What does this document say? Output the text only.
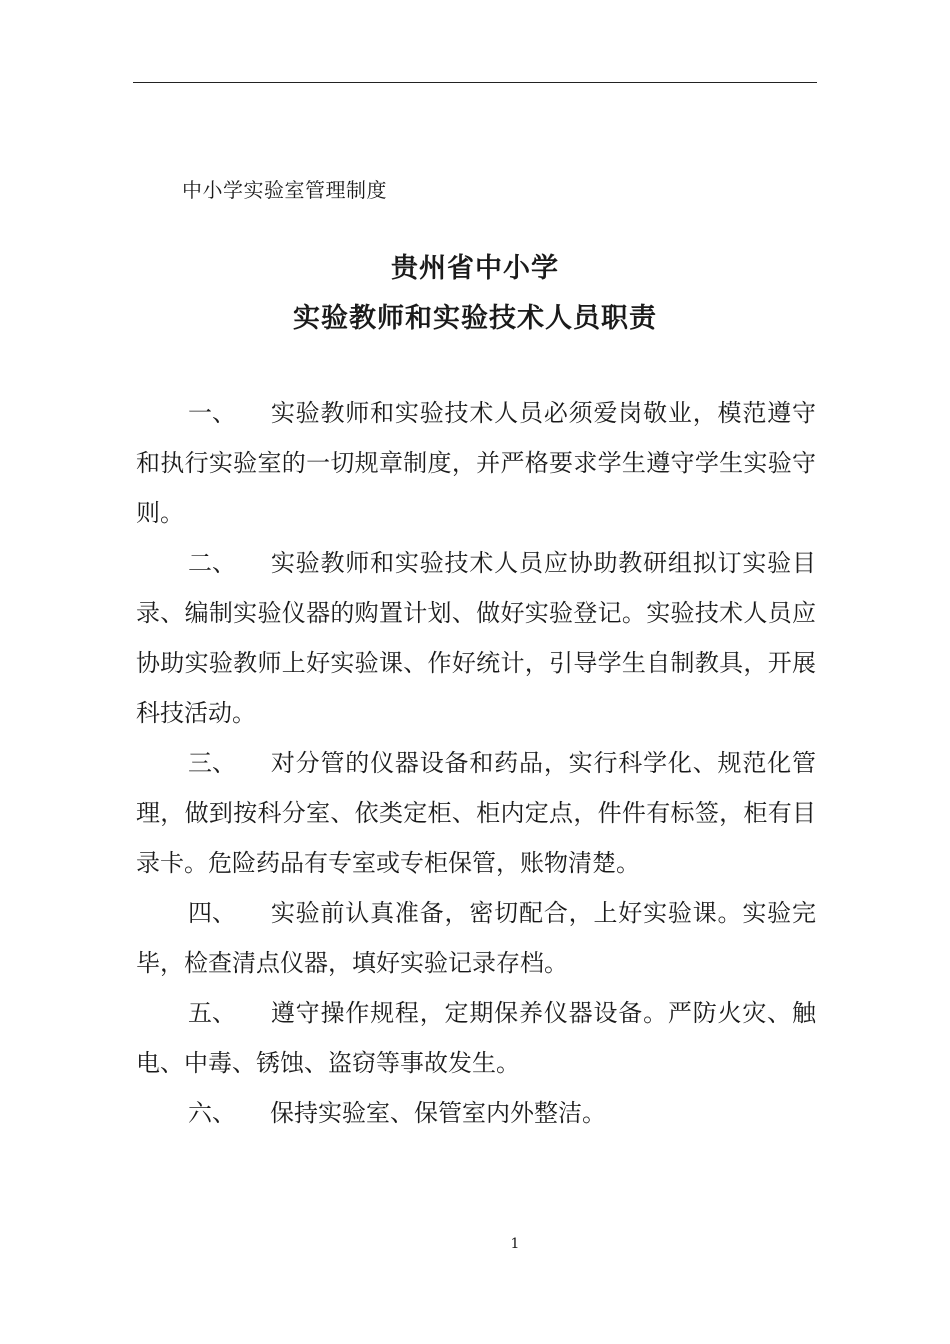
中小学实验室管理制度
贵州省中小学
实验教师和实验技术人员职责

一、 实验教师和实验技术人员必须爱岗敬业，模范遵守和执行实验室的一切规章制度，并严格要求学生遵守学生实验守则。

二、 实验教师和实验技术人员应协助教研组拟订实验目录、编制实验仪器的购置计划、做好实验登记。实验技术人员应协助实验教师上好实验课、作好统计，引导学生自制教具，开展科技活动。

三、 对分管的仪器设备和药品，实行科学化、规范化管理，做到按科分室、依类定柜、柜内定点，件件有标签，柜有目录卡。危险药品有专室或专柜保管，账物清楚。

四、 实验前认真准备，密切配合，上好实验课。实验完毕，检查清点仪器，填好实验记录存档。

五、 遵守操作规程，定期保养仪器设备。严防火灾、触电、中毒、锈蚀、盗窃等事故发生。

六、 保持实验室、保管室内外整洁。

1
